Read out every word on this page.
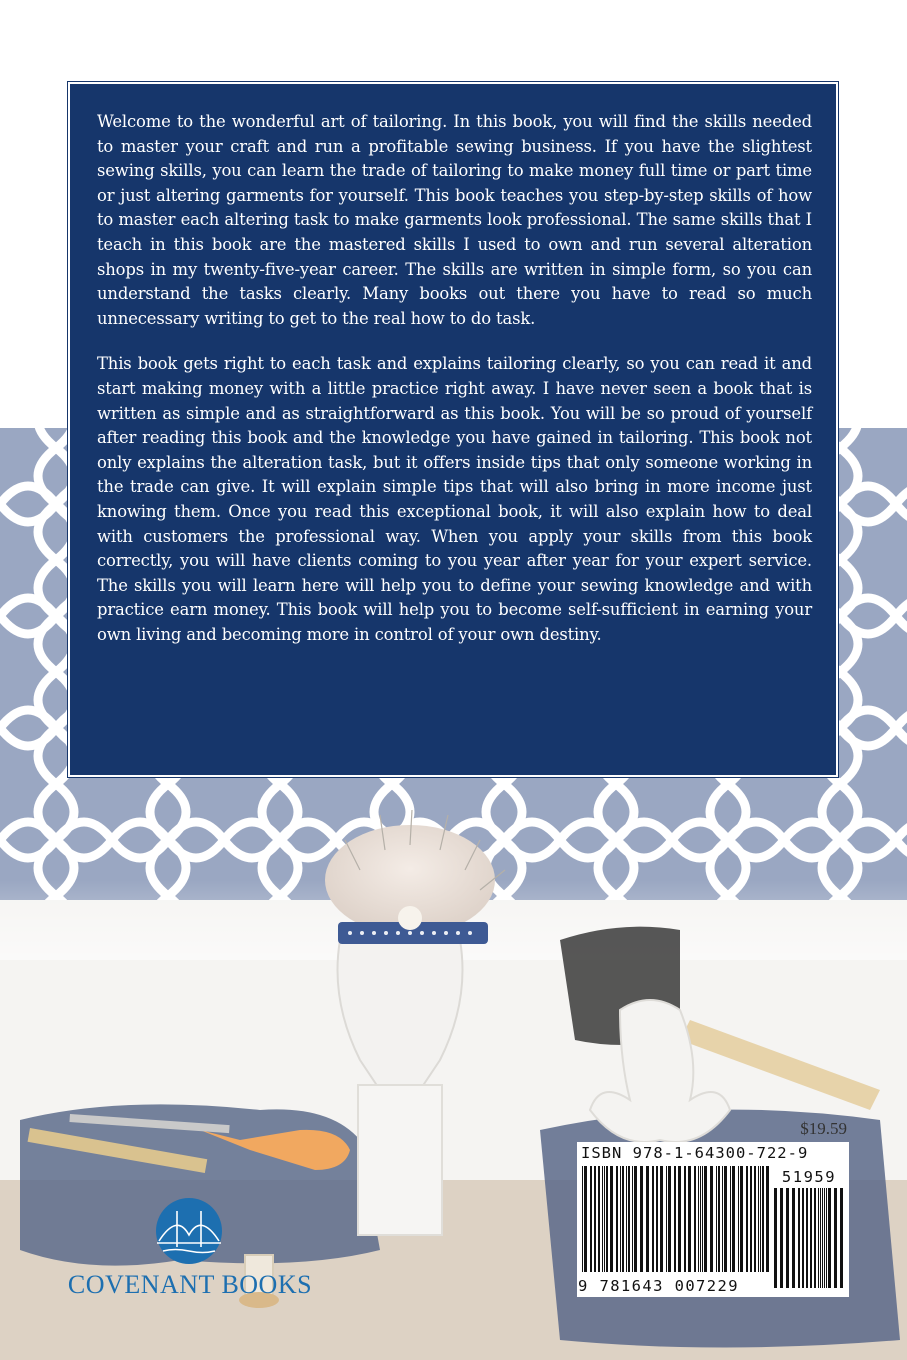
Welcome to the wonderful art of tailoring. In this book, you will find the skills needed to master your craft and run a profitable sewing business. If you have the slightest sewing skills, you can learn the trade of tailoring to make money full time or part time or just altering garments for yourself. This book teaches you step-by-step skills of how to master each altering task to make garments look professional. The same skills that I teach in this book are the mastered skills I used to own and run several alteration shops in my twenty-five-year career. The skills are written in simple form, so you can understand the tasks clearly. Many books out there you have to read so much unnecessary writing to get to the real how to do task.

This book gets right to each task and explains tailoring clearly, so you can read it and start making money with a little practice right away. I have never seen a book that is written as simple and as straightforward as this book. You will be so proud of yourself after reading this book and the knowledge you have gained in tailoring. This book not only explains the alteration task, but it offers inside tips that only someone working in the trade can give. It will explain simple tips that will also bring in more income just knowing them. Once you read this exceptional book, it will also explain how to deal with customers the professional way. When you apply your skills from this book correctly, you will have clients coming to you year after year for your expert service. The skills you will learn here will help you to define your sewing knowledge and with practice earn money. This book will help you to become self-sufficient in earning your own living and becoming more in control of your own destiny.

$19.59
ISBN 978-1-64300-722-9
51959
9 781643 007229
COVENANT BOOKS
